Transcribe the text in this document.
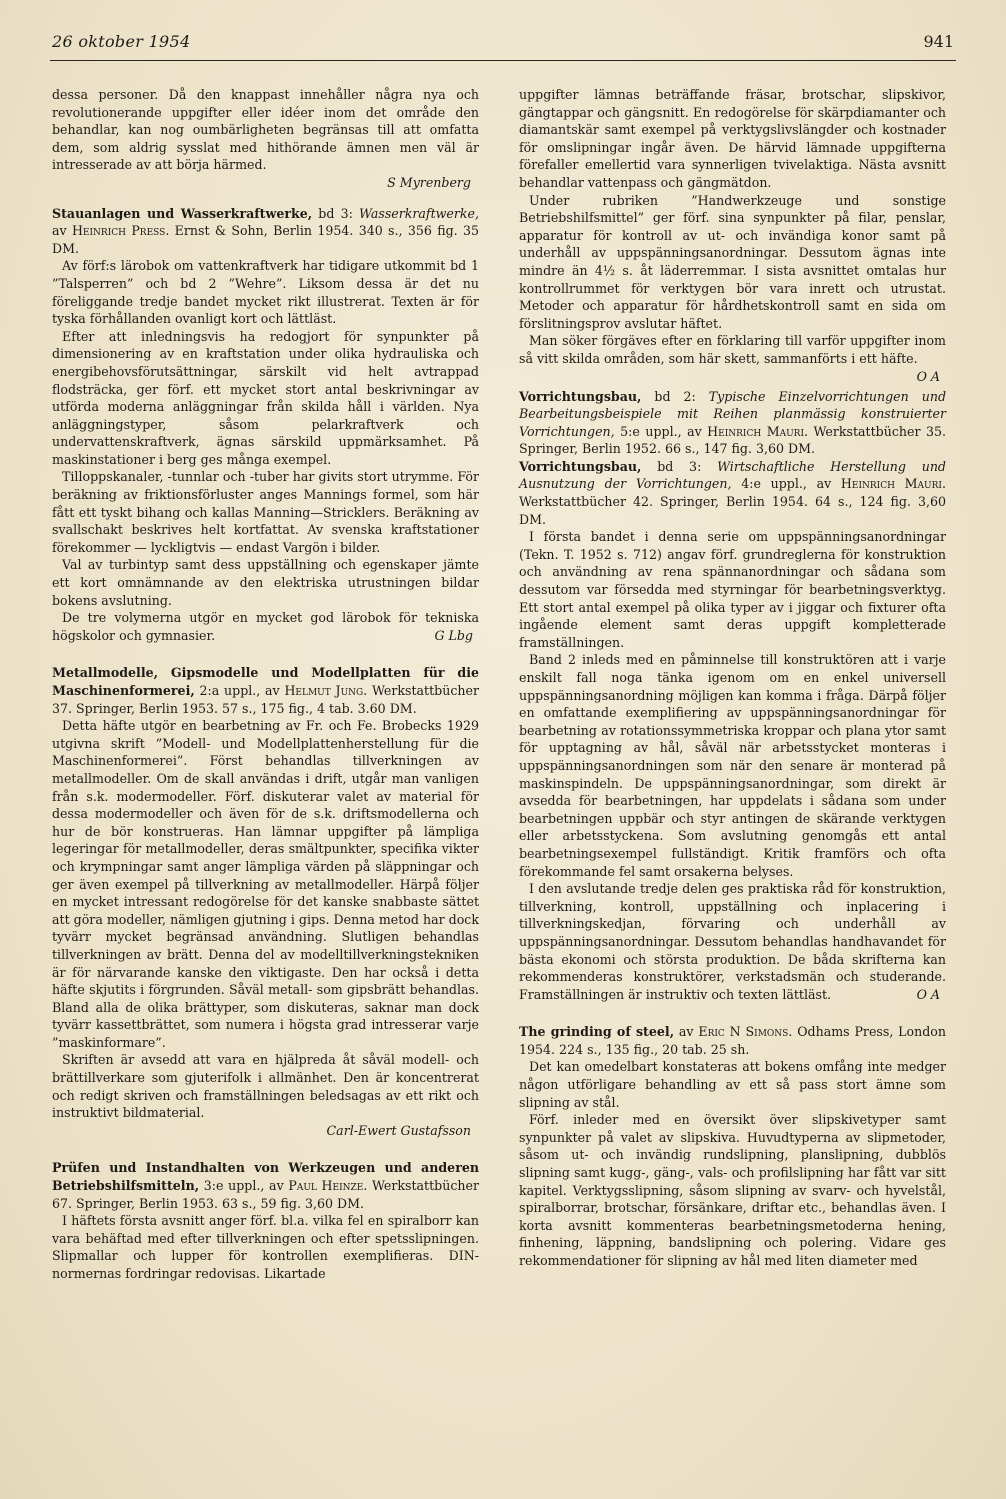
26 oktober 1954	941

dessa personer. Då den knappast innehåller några nya och revolutionerande uppgifter eller idéer inom det område den behandlar, kan nog oumbärligheten begränsas till att omfatta dem, som aldrig sysslat med hithörande ämnen men väl är intresserade av att börja härmed.

S Myrenberg

Stauanlagen und Wasserkraftwerke, bd 3: Wasserkraftwerke, av Heinrich Press. Ernst & Sohn, Berlin 1954. 340 s., 356 fig. 35 DM.

Av förf:s lärobok om vattenkraftverk har tidigare utkommit bd 1 ”Talsperren” och bd 2 ”Wehre”. Liksom dessa är det nu föreliggande tredje bandet mycket rikt illustrerat. Texten är för tyska förhållanden ovanligt kort och lättläst.

Efter att inledningsvis ha redogjort för synpunkter på dimensionering av en kraftstation under olika hydrauliska och energibehovsförutsättningar, särskilt vid helt avtrappad flodsträcka, ger förf. ett mycket stort antal beskrivningar av utförda moderna anläggningar från skilda håll i världen. Nya anläggningstyper, såsom pelarkraftverk och undervattenskraftverk, ägnas särskild uppmärksamhet. På maskinstationer i berg ges många exempel.

Tilloppskanaler, -tunnlar och -tuber har givits stort utrymme. För beräkning av friktionsförluster anges Mannings formel, som här fått ett tyskt bihang och kallas Manning—Stricklers. Beräkning av svallschakt beskrives helt kortfattat. Av svenska kraftstationer förekommer — lyckligtvis — endast Vargön i bilder.

Val av turbintyp samt dess uppställning och egenskaper jämte ett kort omnämnande av den elektriska utrustningen bildar bokens avslutning.

De tre volymerna utgör en mycket god lärobok för tekniska högskolor och gymnasier.	G Lbg

Metallmodelle, Gipsmodelle und Modellplatten für die Maschinenformerei, 2:a uppl., av Helmut Jung. Werkstattbücher 37. Springer, Berlin 1953. 57 s., 175 fig., 4 tab. 3.60 DM.

Detta häfte utgör en bearbetning av Fr. och Fe. Brobecks 1929 utgivna skrift ”Modell- und Modellplattenherstellung für die Maschinenformerei”. Först behandlas tillverkningen av metallmodeller. Om de skall användas i drift, utgår man vanligen från s.k. modermodeller. Förf. diskuterar valet av material för dessa modermodeller och även för de s.k. driftsmodellerna och hur de bör konstrueras. Han lämnar uppgifter på lämpliga legeringar för metallmodeller, deras smältpunkter, specifika vikter och krympningar samt anger lämpliga värden på släppningar och ger även exempel på tillverkning av metallmodeller. Härpå följer en mycket intressant redogörelse för det kanske snabbaste sättet att göra modeller, nämligen gjutning i gips. Denna metod har dock tyvärr mycket begränsad användning. Slutligen behandlas tillverkningen av brätt. Denna del av modelltillverkningstekniken är för närvarande kanske den viktigaste. Den har också i detta häfte skjutits i förgrunden. Såväl metall- som gipsbrätt behandlas. Bland alla de olika brättyper, som diskuteras, saknar man dock tyvärr kassettbrättet, som numera i högsta grad intresserar varje ”maskinformare”.

Skriften är avsedd att vara en hjälpreda åt såväl modell- och brättillverkare som gjuterifolk i allmänhet. Den är koncentrerat och redigt skriven och framställningen beledsagas av ett rikt och instruktivt bildmaterial.

Carl-Ewert Gustafsson

Prüfen und Instandhalten von Werkzeugen und anderen Betriebshilfsmitteln, 3:e uppl., av Paul Heinze. Werkstattbücher 67. Springer, Berlin 1953. 63 s., 59 fig. 3,60 DM.

I häftets första avsnitt anger förf. bl.a. vilka fel en spiralborr kan vara behäftad med efter tillverkningen och efter spetsslipningen. Slipmallar och lupper för kontrollen exemplifieras. DIN-normernas fordringar redovisas. Likartade

uppgifter lämnas beträffande fräsar, brotschar, slipskivor, gängtappar och gängsnitt. En redogörelse för skärpdiamanter och diamantskär samt exempel på verktygslivslängder och kostnader för omslipningar ingår även. De härvid lämnade uppgifterna förefaller emellertid vara synnerligen tvivelaktiga. Nästa avsnitt behandlar vattenpass och gängmätdon.

Under rubriken ”Handwerkzeuge und sonstige Betriebshilfsmittel” ger förf. sina synpunkter på filar, penslar, apparatur för kontroll av ut- och invändiga konor samt på underhåll av uppspänningsanordningar. Dessutom ägnas inte mindre än 4½ s. åt läderremmar. I sista avsnittet omtalas hur kontrollrummet för verktygen bör vara inrett och utrustat. Metoder och apparatur för hårdhetskontroll samt en sida om förslitningsprov avslutar häftet.

Man söker förgäves efter en förklaring till varför uppgifter inom så vitt skilda områden, som här skett, sammanförts i ett häfte.
O A

Vorrichtungsbau, bd 2: Typische Einzelvorrichtungen und Bearbeitungsbeispiele mit Reihen planmässig konstruierter Vorrichtungen, 5:e uppl., av Heinrich Mauri. Werkstattbücher 35. Springer, Berlin 1952. 66 s., 147 fig. 3,60 DM.

Vorrichtungsbau, bd 3: Wirtschaftliche Herstellung und Ausnutzung der Vorrichtungen, 4:e uppl., av Heinrich Mauri. Werkstattbücher 42. Springer, Berlin 1954. 64 s., 124 fig. 3,60 DM.

I första bandet i denna serie om uppspänningsanordningar (Tekn. T. 1952 s. 712) angav förf. grundreglerna för konstruktion och användning av rena spännanordningar och sådana som dessutom var försedda med styrningar för bearbetningsverktyg. Ett stort antal exempel på olika typer av i jiggar och fixturer ofta ingående element samt deras uppgift kompletterade framställningen.

Band 2 inleds med en påminnelse till konstruktören att i varje enskilt fall noga tänka igenom om en enkel universell uppspänningsanordning möjligen kan komma i fråga. Därpå följer en omfattande exemplifiering av uppspänningsanordningar för bearbetning av rotationssymmetriska kroppar och plana ytor samt för upptagning av hål, såväl när arbetsstycket monteras i uppspänningsanordningen som när den senare är monterad på maskinspindeln. De uppspänningsanordningar, som direkt är avsedda för bearbetningen, har uppdelats i sådana som under bearbetningen uppbär och styr antingen de skärande verktygen eller arbetsstyckena. Som avslutning genomgås ett antal bearbetningsexempel fullständigt. Kritik framförs och ofta förekommande fel samt orsakerna belyses.

I den avslutande tredje delen ges praktiska råd för konstruktion, tillverkning, kontroll, uppställning och inplacering i tillverkningskedjan, förvaring och underhåll av uppspänningsanordningar. Dessutom behandlas handhavandet för bästa ekonomi och största produktion. De båda skrifterna kan rekommenderas konstruktörer, verkstadsmän och studerande. Framställningen är instruktiv och texten lättläst.	O A

The grinding of steel, av Eric N Simons. Odhams Press, London 1954. 224 s., 135 fig., 20 tab. 25 sh.

Det kan omedelbart konstateras att bokens omfång inte medger någon utförligare behandling av ett så pass stort ämne som slipning av stål.

Förf. inleder med en översikt över slipskivetyper samt synpunkter på valet av slipskiva. Huvudtyperna av slipmetoder, såsom ut- och invändig rundslipning, planslipning, dubblös slipning samt kugg-, gäng-, vals- och profilslipning har fått var sitt kapitel. Verktygsslipning, såsom slipning av svarv- och hyvelstål, spiralborrar, brotschar, försänkare, driftar etc., behandlas även. I korta avsnitt kommenteras bearbetningsmetoderna hening, finhening, läppning, bandslipning och polering. Vidare ges rekommendationer för slipning av hål med liten diameter med
